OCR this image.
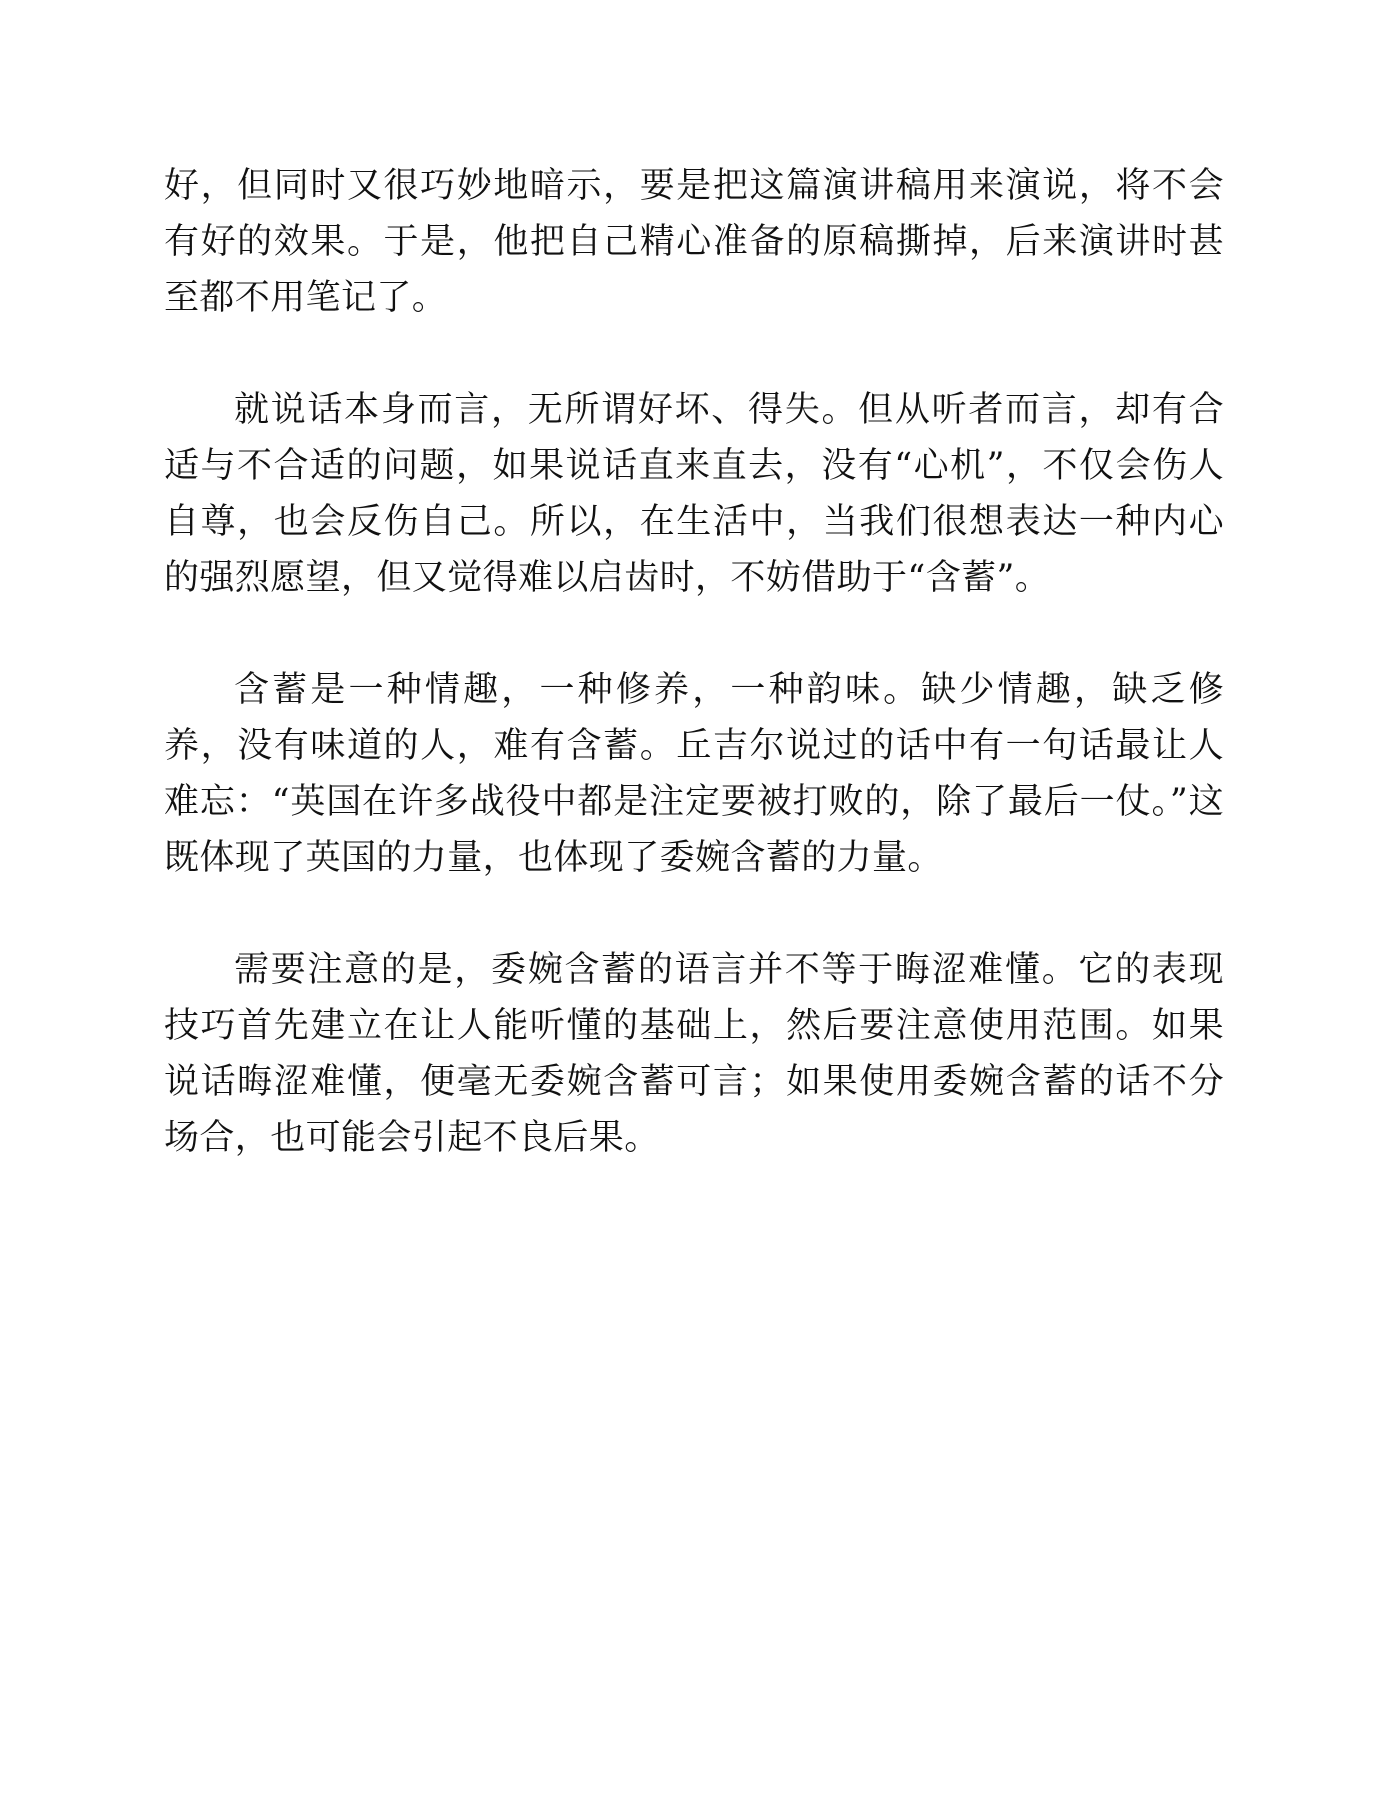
好，但同时又很巧妙地暗示，要是把这篇演讲稿用来演说，将不会有好的效果。于是，他把自己精心准备的原稿撕掉，后来演讲时甚至都不用笔记了。

就说话本身而言，无所谓好坏、得失。但从听者而言，却有合适与不合适的问题，如果说话直来直去，没有“心机”，不仅会伤人自尊，也会反伤自己。所以，在生活中，当我们很想表达一种内心的强烈愿望，但又觉得难以启齿时，不妨借助于“含蓄”。

含蓄是一种情趣，一种修养，一种韵味。缺少情趣，缺乏修养，没有味道的人，难有含蓄。丘吉尔说过的话中有一句话最让人难忘：“英国在许多战役中都是注定要被打败的，除了最后一仗。”这既体现了英国的力量，也体现了委婉含蓄的力量。

需要注意的是，委婉含蓄的语言并不等于晦涩难懂。它的表现技巧首先建立在让人能听懂的基础上，然后要注意使用范围。如果说话晦涩难懂，便毫无委婉含蓄可言；如果使用委婉含蓄的话不分场合，也可能会引起不良后果。
